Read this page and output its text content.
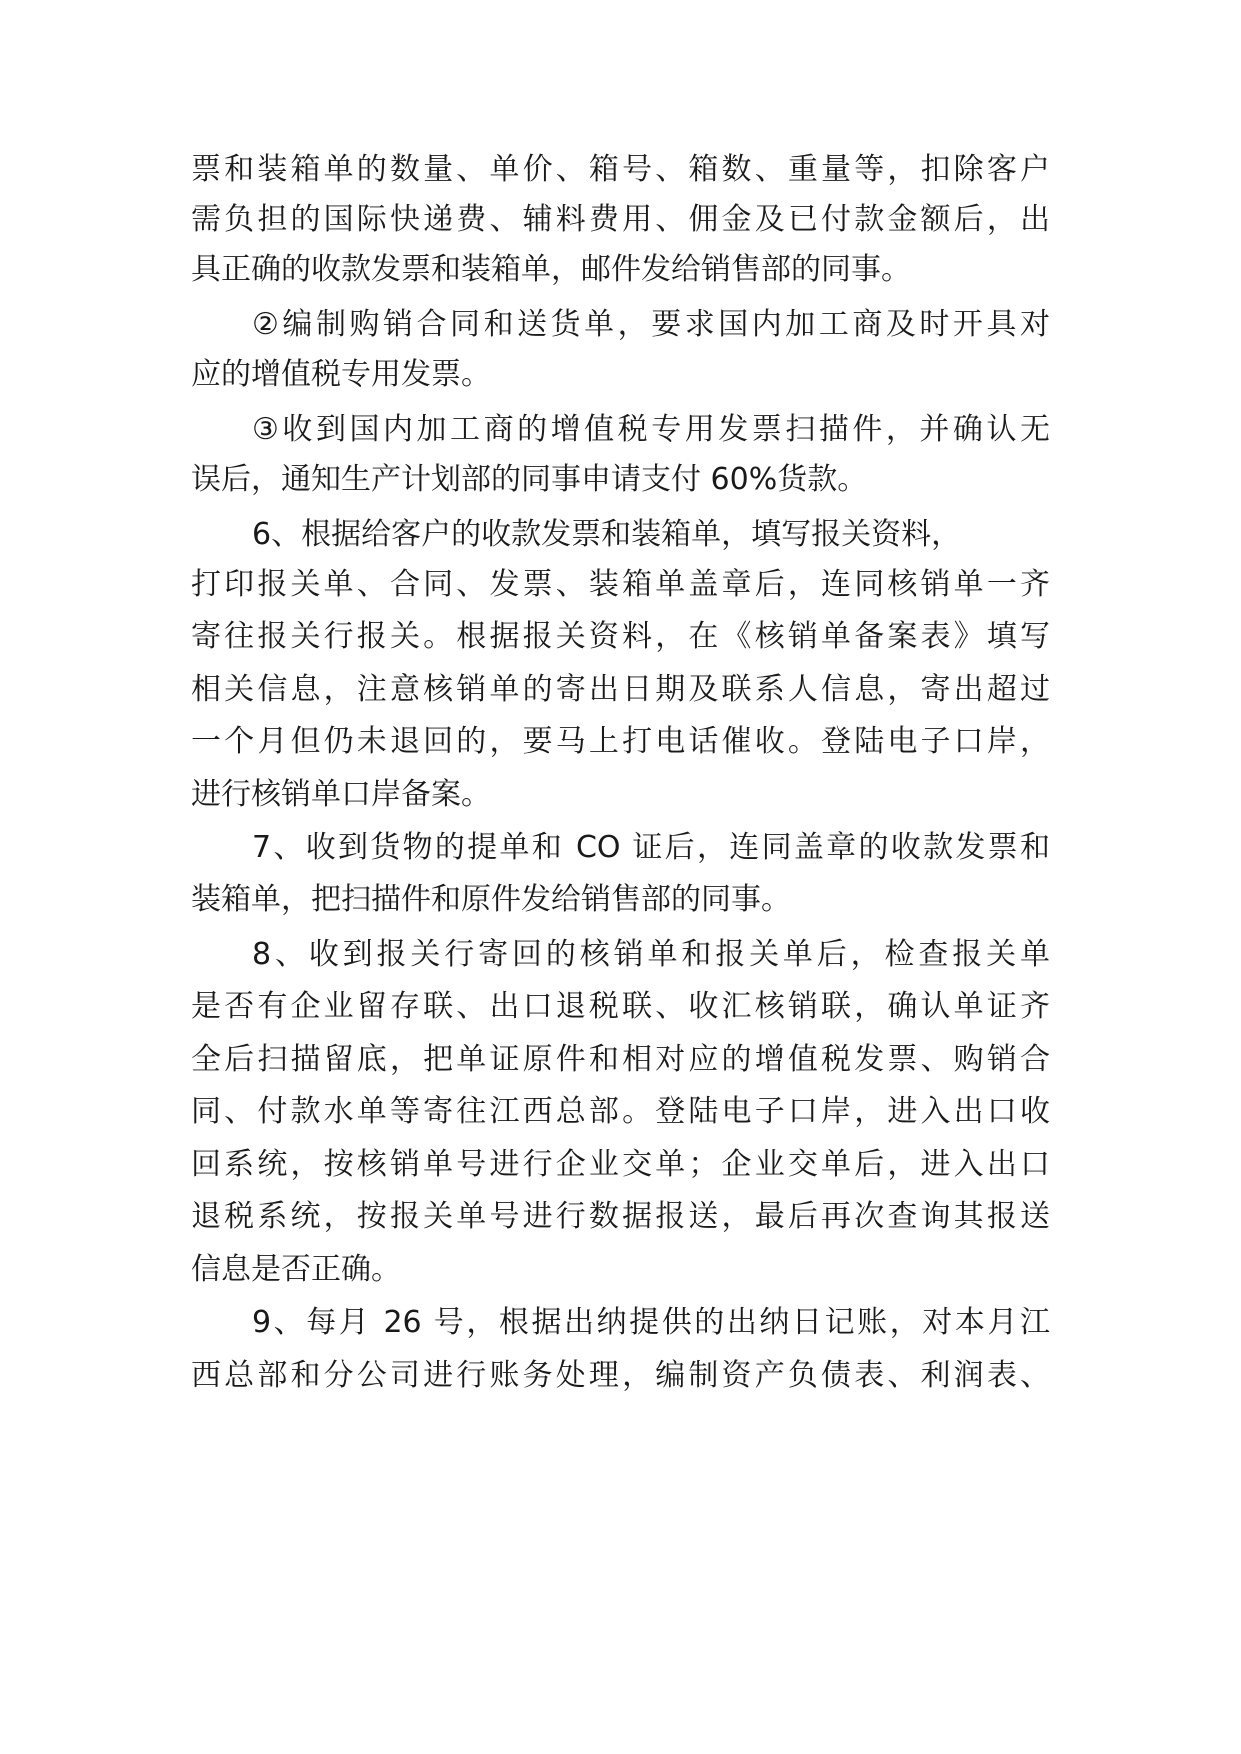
票和装箱单的数量、单价、箱号、箱数、重量等，扣除客户
需负担的国际快递费、辅料费用、佣金及已付款金额后，出
具正确的收款发票和装箱单，邮件发给销售部的同事。
②编制购销合同和送货单，要求国内加工商及时开具对
应的增值税专用发票。
③收到国内加工商的增值税专用发票扫描件，并确认无
误后，通知生产计划部的同事申请支付 60%货款。
6、根据给客户的收款发票和装箱单，填写报关资料，
打印报关单、合同、发票、装箱单盖章后，连同核销单一齐
寄往报关行报关。根据报关资料，在《核销单备案表》填写
相关信息，注意核销单的寄出日期及联系人信息，寄出超过
一个月但仍未退回的，要马上打电话催收。登陆电子口岸，
进行核销单口岸备案。
7、收到货物的提单和 CO 证后，连同盖章的收款发票和
装箱单，把扫描件和原件发给销售部的同事。
8、收到报关行寄回的核销单和报关单后，检查报关单
是否有企业留存联、出口退税联、收汇核销联，确认单证齐
全后扫描留底，把单证原件和相对应的增值税发票、购销合
同、付款水单等寄往江西总部。登陆电子口岸，进入出口收
回系统，按核销单号进行企业交单；企业交单后，进入出口
退税系统，按报关单号进行数据报送，最后再次查询其报送
信息是否正确。
9、每月 26 号，根据出纳提供的出纳日记账，对本月江
西总部和分公司进行账务处理，编制资产负债表、利润表、
